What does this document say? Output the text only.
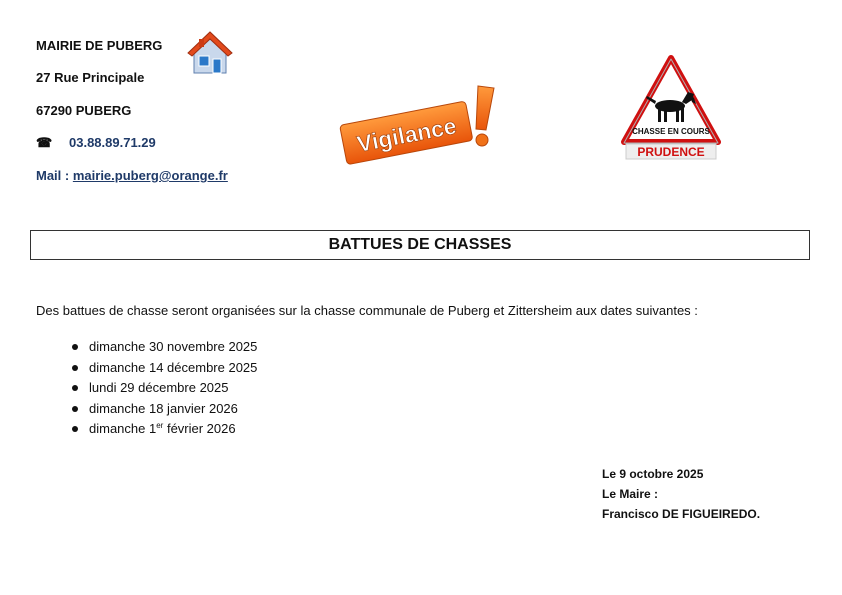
MAIRIE DE PUBERG
27 Rue Principale
67290 PUBERG
☎ 03.88.89.71.29
Mail : mairie.puberg@orange.fr
Vigilance	CHASSE EN COURS
PRUDENCE
BATTUES DE CHASSES
Des battues de chasse seront organisées sur la chasse communale de Puberg et Zittersheim aux dates suivantes :
dimanche 30 novembre 2025
dimanche 14 décembre 2025
lundi 29 décembre 2025
dimanche 18 janvier 2026
dimanche 1er février 2026
Le 9 octobre 2025
Le Maire :
Francisco DE FIGUEIREDO.
